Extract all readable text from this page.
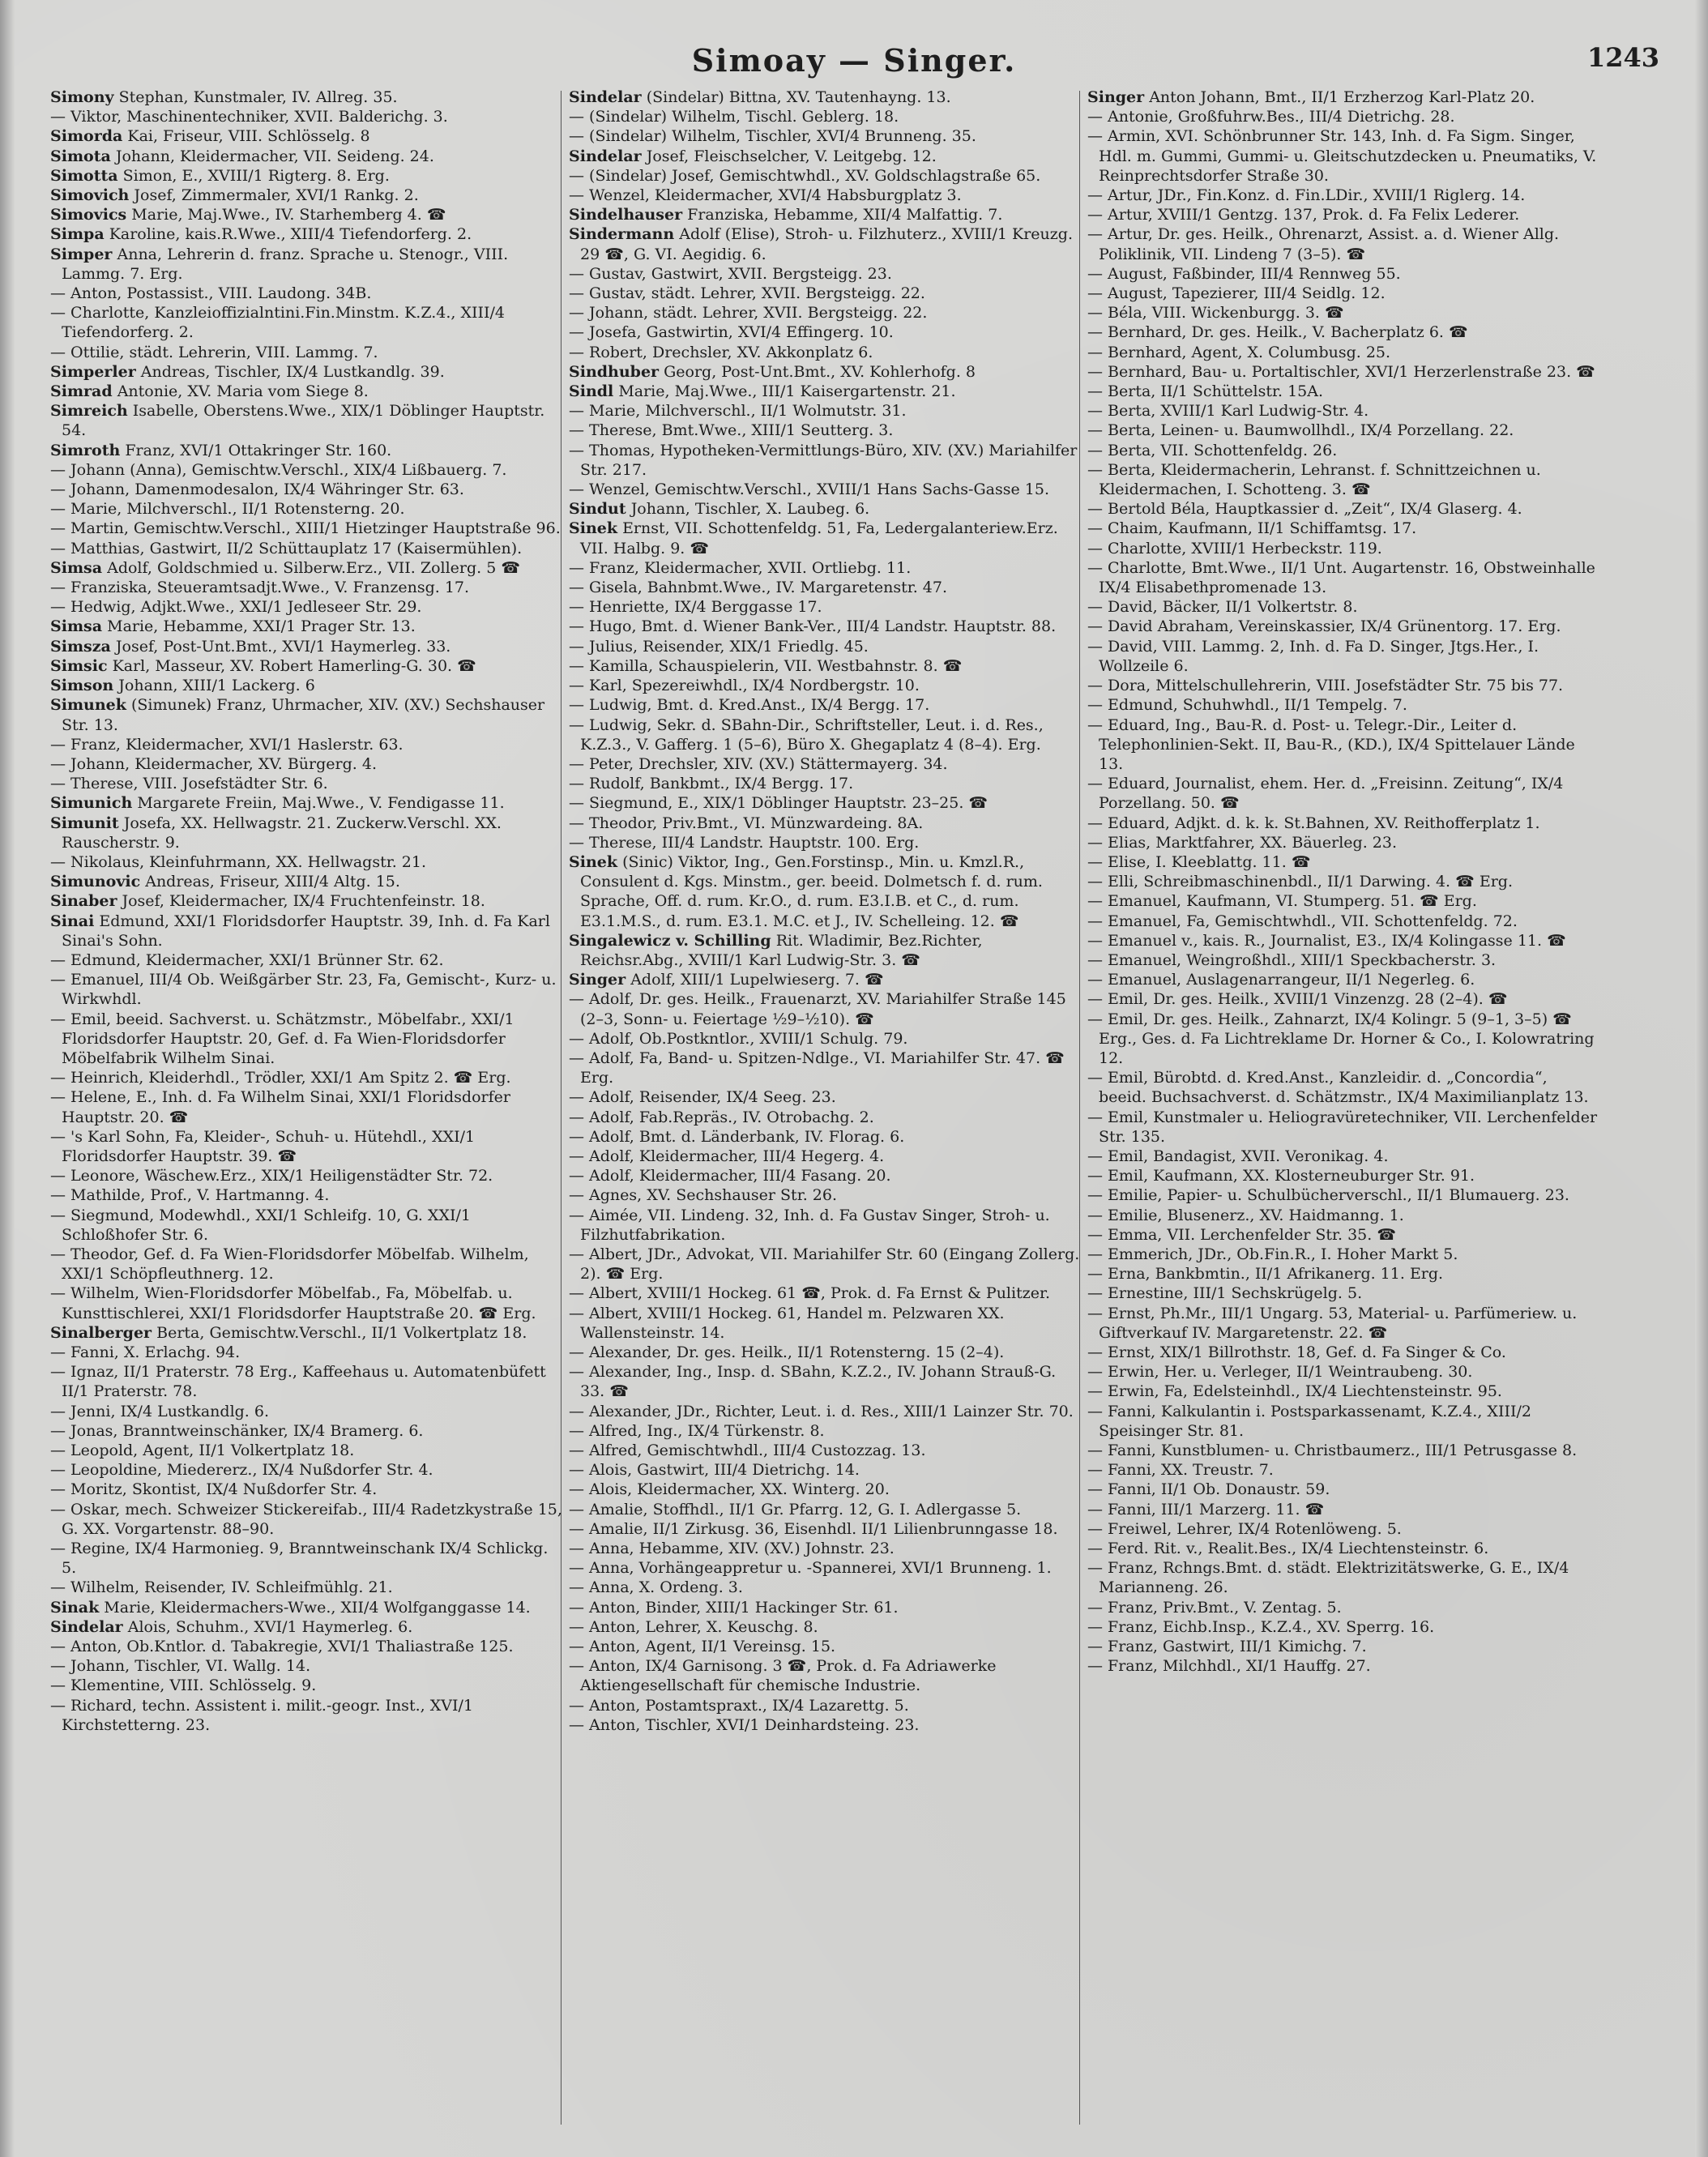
Simoay — Singer.	1243
Simony Stephan, Kunstmaler, IV. Allreg. 35.
— Viktor, Maschinentechniker, XVII. Balderichg. 3.
Simorda Kai, Friseur, VIII. Schlösselg. 8
Simota Johann, Kleidermacher, VII. Seideng. 24.
Simotta Simon, E., XVIII/1 Rigterg. 8. Erg.
Simovich Josef, Zimmermaler, XVI/1 Rankg. 2.
Simovics Marie, Maj.Wwe., IV. Starhemberg 4. ☎
Simpa Karoline, kais.R.Wwe., XIII/4 Tiefendorferg. 2.
Simper Anna, Lehrerin d. franz. Sprache u. Stenogr., VIII. Lammg. 7. Erg.
— Anton, Postassist., VIII. Laudong. 34B.
— Charlotte, Kanzleioffizialntini.Fin.Minstm. K.Z.4., XIII/4 Tiefendorferg. 2.
— Ottilie, städt. Lehrerin, VIII. Lammg. 7.
Simperler Andreas, Tischler, IX/4 Lustkandlg. 39.
Simrad Antonie, XV. Maria vom Siege 8.
Simreich Isabelle, Oberstens.Wwe., XIX/1 Döblinger Hauptstr. 54.
Simroth Franz, XVI/1 Ottakringer Str. 160.
— Johann (Anna), Gemischtw.Verschl., XIX/4 Lißbauerg. 7.
— Johann, Damenmodesalon, IX/4 Währinger Str. 63.
— Marie, Milchverschl., II/1 Rotensterng. 20.
— Martin, Gemischtw.Verschl., XIII/1 Hietzinger Hauptstraße 96.
— Matthias, Gastwirt, II/2 Schüttauplatz 17 (Kaisermühlen).
Simsa Adolf, Goldschmied u. Silberw.Erz., VII. Zollerg. 5 ☎
— Franziska, Steueramtsadjt.Wwe., V. Franzensg. 17.
— Hedwig, Adjkt.Wwe., XXI/1 Jedleseer Str. 29.
Simsa Marie, Hebamme, XXI/1 Prager Str. 13.
Simsza Josef, Post-Unt.Bmt., XVI/1 Haymerleg. 33.
Simsic Karl, Masseur, XV. Robert Hamerling-G. 30. ☎
Simson Johann, XIII/1 Lackerg. 6
Simunek (Simunek) Franz, Uhrmacher, XIV. (XV.) Sechshauser Str. 13.
— Franz, Kleidermacher, XVI/1 Haslerstr. 63.
— Johann, Kleidermacher, XV. Bürgerg. 4.
— Therese, VIII. Josefstädter Str. 6.
Simunich Margarete Freiin, Maj.Wwe., V. Fendigasse 11.
Simunit Josefa, XX. Hellwagstr. 21. Zuckerw.Verschl. XX. Rauscherstr. 9.
— Nikolaus, Kleinfuhrmann, XX. Hellwagstr. 21.
Simunovic Andreas, Friseur, XIII/4 Altg. 15.
Sinaber Josef, Kleidermacher, IX/4 Fruchtenfeinstr. 18.
Sinai Edmund, XXI/1 Floridsdorfer Hauptstr. 39, Inh. d. Fa Karl Sinai's Sohn.
— Edmund, Kleidermacher, XXI/1 Brünner Str. 62.
— Emanuel, III/4 Ob. Weißgärber Str. 23, Fa, Gemischt-, Kurz- u. Wirkwhdl.
— Emil, beeid. Sachverst. u. Schätzmstr., Möbelfabr., XXI/1 Floridsdorfer Hauptstr. 20, Gef. d. Fa Wien-Floridsdorfer Möbelfabrik Wilhelm Sinai.
— Heinrich, Kleiderhdl., Trödler, XXI/1 Am Spitz 2. ☎ Erg.
— Helene, E., Inh. d. Fa Wilhelm Sinai, XXI/1 Floridsdorfer Hauptstr. 20. ☎
— 's Karl Sohn, Fa, Kleider-, Schuh- u. Hütehdl., XXI/1 Floridsdorfer Hauptstr. 39. ☎
— Leonore, Wäschew.Erz., XIX/1 Heiligenstädter Str. 72.
— Mathilde, Prof., V. Hartmanng. 4.
— Siegmund, Modewhdl., XXI/1 Schleifg. 10, G. XXI/1 Schloßhofer Str. 6.
— Theodor, Gef. d. Fa Wien-Floridsdorfer Möbelfab. Wilhelm, XXI/1 Schöpfleuthnerg. 12.
— Wilhelm, Wien-Floridsdorfer Möbelfab., Fa, Möbelfab. u. Kunsttischlerei, XXI/1 Floridsdorfer Hauptstraße 20. ☎ Erg.
Sinalberger Berta, Gemischtw.Verschl., II/1 Volkertplatz 18.
— Fanni, X. Erlachg. 94.
— Ignaz, II/1 Praterstr. 78 Erg., Kaffeehaus u. Automatenbüfett II/1 Praterstr. 78.
— Jenni, IX/4 Lustkandlg. 6.
— Jonas, Branntweinschänker, IX/4 Bramerg. 6.
— Leopold, Agent, II/1 Volkertplatz 18.
— Leopoldine, Miedererz., IX/4 Nußdorfer Str. 4.
— Moritz, Skontist, IX/4 Nußdorfer Str. 4.
— Oskar, mech. Schweizer Stickereifab., III/4 Radetzkystraße 15, G. XX. Vorgartenstr. 88–90.
— Regine, IX/4 Harmonieg. 9, Branntweinschank IX/4 Schlickg. 5.
— Wilhelm, Reisender, IV. Schleifmühlg. 21.
Sinak Marie, Kleidermachers-Wwe., XII/4 Wolfganggasse 14.
Sindelar Alois, Schuhm., XVI/1 Haymerleg. 6.
— Anton, Ob.Kntlor. d. Tabakregie, XVI/1 Thaliastraße 125.
— Johann, Tischler, VI. Wallg. 14.
— Klementine, VIII. Schlösselg. 9.
— Richard, techn. Assistent i. milit.-geogr. Inst., XVI/1 Kirchstetterng. 23.
Sindelar (Sindelar) Bittna, XV. Tautenhayng. 13.
— (Sindelar) Wilhelm, Tischl. Geblerg. 18.
— (Sindelar) Wilhelm, Tischler, XVI/4 Brunneng. 35.
Sindelar Josef, Fleischselcher, V. Leitgebg. 12.
— (Sindelar) Josef, Gemischtwhdl., XV. Goldschlagstraße 65.
— Wenzel, Kleidermacher, XVI/4 Habsburgplatz 3.
Sindelhauser Franziska, Hebamme, XII/4 Malfattig. 7.
Sindermann Adolf (Elise), Stroh- u. Filzhuterz., XVIII/1 Kreuzg. 29 ☎, G. VI. Aegidig. 6.
— Gustav, Gastwirt, XVII. Bergsteigg. 23.
— Gustav, städt. Lehrer, XVII. Bergsteigg. 22.
— Johann, städt. Lehrer, XVII. Bergsteigg. 22.
— Josefa, Gastwirtin, XVI/4 Effingerg. 10.
— Robert, Drechsler, XV. Akkonplatz 6.
Sindhuber Georg, Post-Unt.Bmt., XV. Kohlerhofg. 8
Sindl Marie, Maj.Wwe., III/1 Kaisergartenstr. 21.
— Marie, Milchverschl., II/1 Wolmutstr. 31.
— Therese, Bmt.Wwe., XIII/1 Seutterg. 3.
— Thomas, Hypotheken-Vermittlungs-Büro, XIV. (XV.) Mariahilfer Str. 217.
— Wenzel, Gemischtw.Verschl., XVIII/1 Hans Sachs-Gasse 15.
Sindut Johann, Tischler, X. Laubeg. 6.
Sinek Ernst, VII. Schottenfeldg. 51, Fa, Ledergalanteriew.Erz. VII. Halbg. 9. ☎
— Franz, Kleidermacher, XVII. Ortliebg. 11.
— Gisela, Bahnbmt.Wwe., IV. Margaretenstr. 47.
— Henriette, IX/4 Berggasse 17.
— Hugo, Bmt. d. Wiener Bank-Ver., III/4 Landstr. Hauptstr. 88.
— Julius, Reisender, XIX/1 Friedlg. 45.
— Kamilla, Schauspielerin, VII. Westbahnstr. 8. ☎
— Karl, Spezereiwhdl., IX/4 Nordbergstr. 10.
— Ludwig, Bmt. d. Kred.Anst., IX/4 Bergg. 17.
— Ludwig, Sekr. d. SBahn-Dir., Schriftsteller, Leut. i. d. Res., K.Z.3., V. Gafferg. 1 (5–6), Büro X. Ghegaplatz 4 (8–4). Erg.
— Peter, Drechsler, XIV. (XV.) Stättermayerg. 34.
— Rudolf, Bankbmt., IX/4 Bergg. 17.
— Siegmund, E., XIX/1 Döblinger Hauptstr. 23–25. ☎
— Theodor, Priv.Bmt., VI. Münzwardeing. 8A.
— Therese, III/4 Landstr. Hauptstr. 100. Erg.
Sinek (Sinic) Viktor, Ing., Gen.Forstinsp., Min. u. Kmzl.R., Consulent d. Kgs. Minstm., ger. beeid. Dolmetsch f. d. rum. Sprache, Off. d. rum. Kr.O., d. rum. E3.I.B. et C., d. rum. E3.1.M.S., d. rum. E3.1. M.C. et J., IV. Schelleing. 12. ☎
Singalewicz v. Schilling Rit. Wladimir, Bez.Richter, Reichsr.Abg., XVIII/1 Karl Ludwig-Str. 3. ☎
Singer Adolf, XIII/1 Lupelwieserg. 7. ☎
— Adolf, Dr. ges. Heilk., Frauenarzt, XV. Mariahilfer Straße 145 (2–3, Sonn- u. Feiertage ½9–½10). ☎
— Adolf, Ob.Postkntlor., XVIII/1 Schulg. 79.
— Adolf, Fa, Band- u. Spitzen-Ndlge., VI. Mariahilfer Str. 47. ☎ Erg.
— Adolf, Reisender, IX/4 Seeg. 23.
— Adolf, Fab.Repräs., IV. Otrobachg. 2.
— Adolf, Bmt. d. Länderbank, IV. Florag. 6.
— Adolf, Kleidermacher, III/4 Hegerg. 4.
— Adolf, Kleidermacher, III/4 Fasang. 20.
— Agnes, XV. Sechshauser Str. 26.
— Aimée, VII. Lindeng. 32, Inh. d. Fa Gustav Singer, Stroh- u. Filzhutfabrikation.
— Albert, JDr., Advokat, VII. Mariahilfer Str. 60 (Eingang Zollerg. 2). ☎ Erg.
— Albert, XVIII/1 Hockeg. 61 ☎, Prok. d. Fa Ernst & Pulitzer.
— Albert, XVIII/1 Hockeg. 61, Handel m. Pelzwaren XX. Wallensteinstr. 14.
— Alexander, Dr. ges. Heilk., II/1 Rotensterng. 15 (2–4).
— Alexander, Ing., Insp. d. SBahn, K.Z.2., IV. Johann Strauß-G. 33. ☎
— Alexander, JDr., Richter, Leut. i. d. Res., XIII/1 Lainzer Str. 70.
— Alfred, Ing., IX/4 Türkenstr. 8.
— Alfred, Gemischtwhdl., III/4 Custozzag. 13.
— Alois, Gastwirt, III/4 Dietrichg. 14.
— Alois, Kleidermacher, XX. Winterg. 20.
— Amalie, Stoffhdl., II/1 Gr. Pfarrg. 12, G. I. Adlergasse 5.
— Amalie, II/1 Zirkusg. 36, Eisenhdl. II/1 Lilienbrunngasse 18.
— Anna, Hebamme, XIV. (XV.) Johnstr. 23.
— Anna, Vorhängeappretur u. -Spannerei, XVI/1 Brunneng. 1.
— Anna, X. Ordeng. 3.
— Anton, Binder, XIII/1 Hackinger Str. 61.
— Anton, Lehrer, X. Keuschg. 8.
— Anton, Agent, II/1 Vereinsg. 15.
— Anton, IX/4 Garnisong. 3 ☎, Prok. d. Fa Adriawerke Aktiengesellschaft für chemische Industrie.
— Anton, Postamtspraxt., IX/4 Lazarettg. 5.
— Anton, Tischler, XVI/1 Deinhardsteing. 23.
Singer Anton Johann, Bmt., II/1 Erzherzog Karl-Platz 20.
— Antonie, Großfuhrw.Bes., III/4 Dietrichg. 28.
— Armin, XVI. Schönbrunner Str. 143, Inh. d. Fa Sigm. Singer, Hdl. m. Gummi, Gummi- u. Gleitschutzdecken u. Pneumatiks, V. Reinprechtsdorfer Straße 30.
— Artur, JDr., Fin.Konz. d. Fin.LDir., XVIII/1 Riglerg. 14.
— Artur, XVIII/1 Gentzg. 137, Prok. d. Fa Felix Lederer.
— Artur, Dr. ges. Heilk., Ohrenarzt, Assist. a. d. Wiener Allg. Poliklinik, VII. Lindeng 7 (3–5). ☎
— August, Faßbinder, III/4 Rennweg 55.
— August, Tapezierer, III/4 Seidlg. 12.
— Béla, VIII. Wickenburgg. 3. ☎
— Bernhard, Dr. ges. Heilk., V. Bacherplatz 6. ☎
— Bernhard, Agent, X. Columbusg. 25.
— Bernhard, Bau- u. Portaltischler, XVI/1 Herzerlenstraße 23. ☎
— Berta, II/1 Schüttelstr. 15A.
— Berta, XVIII/1 Karl Ludwig-Str. 4.
— Berta, Leinen- u. Baumwollhdl., IX/4 Porzellang. 22.
— Berta, VII. Schottenfeldg. 26.
— Berta, Kleidermacherin, Lehranst. f. Schnittzeichnen u. Kleidermachen, I. Schotteng. 3. ☎
— Bertold Béla, Hauptkassier d. „Zeit“, IX/4 Glaserg. 4.
— Chaim, Kaufmann, II/1 Schiffamtsg. 17.
— Charlotte, XVIII/1 Herbeckstr. 119.
— Charlotte, Bmt.Wwe., II/1 Unt. Augartenstr. 16, Obstweinhalle IX/4 Elisabethpromenade 13.
— David, Bäcker, II/1 Volkertstr. 8.
— David Abraham, Vereinskassier, IX/4 Grünentorg. 17. Erg.
— David, VIII. Lammg. 2, Inh. d. Fa D. Singer, Jtgs.Her., I. Wollzeile 6.
— Dora, Mittelschullehrerin, VIII. Josefstädter Str. 75 bis 77.
— Edmund, Schuhwhdl., II/1 Tempelg. 7.
— Eduard, Ing., Bau-R. d. Post- u. Telegr.-Dir., Leiter d. Telephonlinien-Sekt. II, Bau-R., (KD.), IX/4 Spittelauer Lände 13.
— Eduard, Journalist, ehem. Her. d. „Freisinn. Zeitung“, IX/4 Porzellang. 50. ☎
— Eduard, Adjkt. d. k. k. St.Bahnen, XV. Reithofferplatz 1.
— Elias, Marktfahrer, XX. Bäuerleg. 23.
— Elise, I. Kleeblattg. 11. ☎
— Elli, Schreibmaschinenbdl., II/1 Darwing. 4. ☎ Erg.
— Emanuel, Kaufmann, VI. Stumperg. 51. ☎ Erg.
— Emanuel, Fa, Gemischtwhdl., VII. Schottenfeldg. 72.
— Emanuel v., kais. R., Journalist, E3., IX/4 Kolingasse 11. ☎
— Emanuel, Weingroßhdl., XIII/1 Speckbacherstr. 3.
— Emanuel, Auslagenarrangeur, II/1 Negerleg. 6.
— Emil, Dr. ges. Heilk., XVIII/1 Vinzenzg. 28 (2–4). ☎
— Emil, Dr. ges. Heilk., Zahnarzt, IX/4 Kolingr. 5 (9–1, 3–5) ☎ Erg., Ges. d. Fa Lichtreklame Dr. Horner & Co., I. Kolowratring 12.
— Emil, Bürobtd. d. Kred.Anst., Kanzleidir. d. „Concordia“, beeid. Buchsachverst. d. Schätzmstr., IX/4 Maximilianplatz 13.
— Emil, Kunstmaler u. Heliogravüretechniker, VII. Lerchenfelder Str. 135.
— Emil, Bandagist, XVII. Veronikag. 4.
— Emil, Kaufmann, XX. Klosterneuburger Str. 91.
— Emilie, Papier- u. Schulbücherverschl., II/1 Blumauerg. 23.
— Emilie, Blusenerz., XV. Haidmanng. 1.
— Emma, VII. Lerchenfelder Str. 35. ☎
— Emmerich, JDr., Ob.Fin.R., I. Hoher Markt 5.
— Erna, Bankbmtin., II/1 Afrikanerg. 11. Erg.
— Ernestine, III/1 Sechskrügelg. 5.
— Ernst, Ph.Mr., III/1 Ungarg. 53, Material- u. Parfümeriew. u. Giftverkauf IV. Margaretenstr. 22. ☎
— Ernst, XIX/1 Billrothstr. 18, Gef. d. Fa Singer & Co.
— Erwin, Her. u. Verleger, II/1 Weintraubeng. 30.
— Erwin, Fa, Edelsteinhdl., IX/4 Liechtensteinstr. 95.
— Fanni, Kalkulantin i. Postsparkassenamt, K.Z.4., XIII/2 Speisinger Str. 81.
— Fanni, Kunstblumen- u. Christbaumerz., III/1 Petrusgasse 8.
— Fanni, XX. Treustr. 7.
— Fanni, II/1 Ob. Donaustr. 59.
— Fanni, III/1 Marzerg. 11. ☎
— Freiwel, Lehrer, IX/4 Rotenlöweng. 5.
— Ferd. Rit. v., Realit.Bes., IX/4 Liechtensteinstr. 6.
— Franz, Rchngs.Bmt. d. städt. Elektrizitätswerke, G. E., IX/4 Marianneng. 26.
— Franz, Priv.Bmt., V. Zentag. 5.
— Franz, Eichb.Insp., K.Z.4., XV. Sperrg. 16.
— Franz, Gastwirt, III/1 Kimichg. 7.
— Franz, Milchhdl., XI/1 Hauffg. 27.
